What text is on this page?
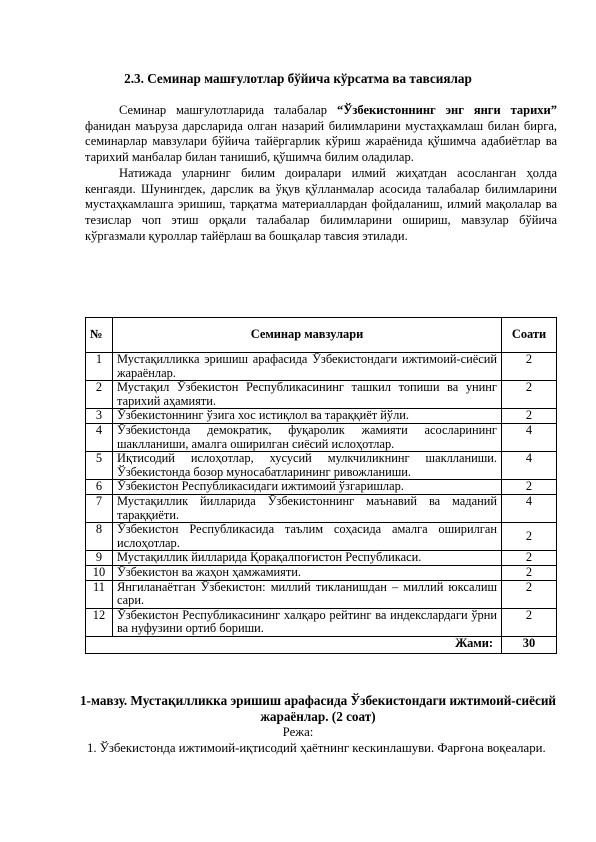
2.3. Семинар машғулотлар бўйича кўрсатма ва тавсиялар

Семинар машғулотларида талабалар “Ўзбекистоннинг энг янги тарихи” фанидан маъруза дарсларида олган назарий билимларини мустаҳкамлаш билан бирга, семинарлар мавзулари бўйича тайёргарлик кўриш жараёнида қўшимча адабиётлар ва тарихий манбалар билан танишиб, қўшимча билим оладилар.

Натижада уларнинг билим доиралари илмий жиҳатдан асосланган ҳолда кенгаяди. Шунингдек, дарслик ва ўқув қўлланмалар асосида талабалар билимларини мустаҳкамлашга эришиш, тарқатма материаллардан фойдаланиш, илмий мақолалар ва тезислар чоп этиш орқали талабалар билимларини ошириш, мавзулар бўйича кўргазмали қуроллар тайёрлаш ва бошқалар тавсия этилади.

№	Семинар мавзулари	Соати
1	Мустақилликка эришиш арафасида Ўзбекистондаги ижтимоий-сиёсий жараёнлар.	2
2	Мустақил Ўзбекистон Республикасининг ташкил топиши ва унинг тарихий аҳамияти.	2
3	Ўзбекистоннинг ўзига хос истиқлол ва тараққиёт йўли.	2
4	Ўзбекистонда демократик, фуқаролик жамияти асосларининг шаклланиши, амалга оширилган сиёсий ислоҳотлар.	4
5	Иқтисодий ислоҳотлар, хусусий мулкчиликнинг шаклланиши. Ўзбекистонда бозор муносабатларининг ривожланиши.	4
6	Ўзбекистон Республикасидаги ижтимоий ўзгаришлар.	2
7	Мустақиллик йилларида Ўзбекистоннинг маънавий ва маданий тараққиёти.	4
8	Ўзбекистон Республикасида таълим соҳасида амалга оширилган ислоҳотлар.	2
9	Мустақиллик йилларида Қорақалпоғистон Республикаси.	2
10	Ўзбекистон ва жаҳон ҳамжамияти.	2
11	Янгиланаётган Ўзбекистон: миллий тикланишдан – миллий юксалиш сари.	2
12	Ўзбекистон Республикасининг халқаро рейтинг ва индекслардаги ўрни ва нуфузини ортиб бориши.	2
Жами:		30
1-мавзу. Мустақилликка эришиш арафасида Ўзбекистондаги ижтимоий-сиёсий жараёнлар. (2 соат)
Режа:
1. Ўзбекистонда ижтимоий-иқтисодий ҳаётнинг кескинлашуви. Фарғона воқеалари.
